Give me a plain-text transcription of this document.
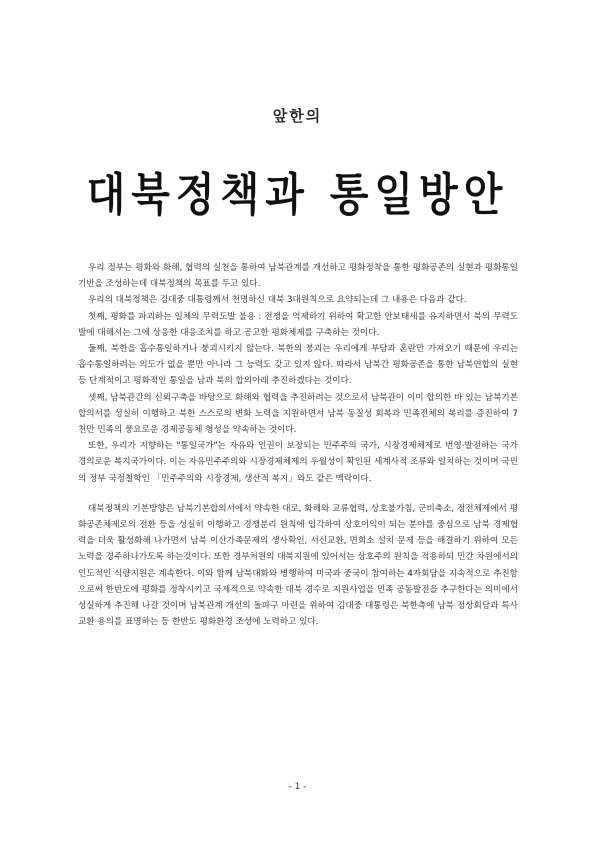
앞한의
대북정책과 통일방안

우리 정부는 평화와 화해, 협력의 실천을 통하여 남북관계를 개선하고 평화정착을 통한 평화공존의 실현과 평화통일 기반을 조성하는데 대북정책의 목표를 두고 있다.

우리의 대북정책은 김대중 대통령께서 천명하신 대북 3대원칙으로 요약되는데 그 내용은 다음과 같다.

첫째, 평화를 파괴하는 일체의 무력도발 불용 : 전쟁을 억제하기 위하여 확고한 안보태세를 유지하면서 북의 무력도발에 대해서는 그에 상응한 대응조치를 하고 공고한 평화체제를 구축하는 것이다.

둘째, 북한을 흡수통일하거나 붕괴시키지 않는다. 북한의 붕괴는 우리에게 부담과 혼란만 가져오기 때문에 우리는 흡수통일하려는 의도가 없을 뿐만 아니라 그 능력도 갖고 있지 않다. 따라서 남북간 평화공존을 통한 남북연합의 실현등 단계적이고 평화적인 통일을 남과 북의 합의아래 추진하겠다는 것이다.

셋째, 남북관간의 신뢰구축을 바탕으로 화해와 협력을 추진하려는 것으로서 남북관이 이미 합의한 바 있는 남북기본합의서를 성실히 이행하고 북한 스스로의 변화 노력을 지원하면서 남북 동질성 회복과 민족전체의 복리를 증진하여 7천만 민족의 풍요로운 경제공동체 형성을 약속하는 것이다.

또한, 우리가 지향하는 "통일국가"는 자유와 인권이 보장되는 민주주의 국가, 시장경제체제로 번영·발전하는 국가 경의로운 복지국가이다. 이는 자유민주주의와 시장경제체제의 우월성이 확인된 세계사적 조류와 일치하는 것이며 국민의 정부 국정철학인 「민주주의와 시장경제, 생산적 복지」와도 같은 맥락이다.

대북정책의 기본방향은 남북기본합의서에서 약속한 대로, 화해와 교류협력, 상호불가침, 군비축소, 정전체제에서 평화공존체제로의 전환 등을 성실히 이행하고 경쟁분리 원칙에 입각하여 상호이익이 되는 분야를 중심으로 남북 경제협력을 더욱 활성화해 나가면서 남북 이산가족문제의 생사확인, 서신교환, 면회소 설치 문제 등을 해결하기 위하여 모든 노력을 경주하나가도록 하는것이다. 또한 경부처원의 대북지원에 있어서는 상호주의 원칙을 적용하되 민간 차원에서의 인도적인 식량지원은 계속한다. 이와 함께 남북대화와 병행하여 미국과 중국이 참여하는 4자회담을 지속적으로 추진함으로써 한반도에 평화를 정착시키고 국제적으로 약속한 대북 경수로 지원사업을 민족 공동발전을 추구한다는 의미에서 성실하게 추진해 나갈 것이며 남북관계 개선의 돌파구 마련을 위하여 김대중 대통령은 북한측에 남북 정상회담과 특사교환 용의를 표명하는 등 한반도 평화환경 조성에 노력하고 있다.

- 1 -
